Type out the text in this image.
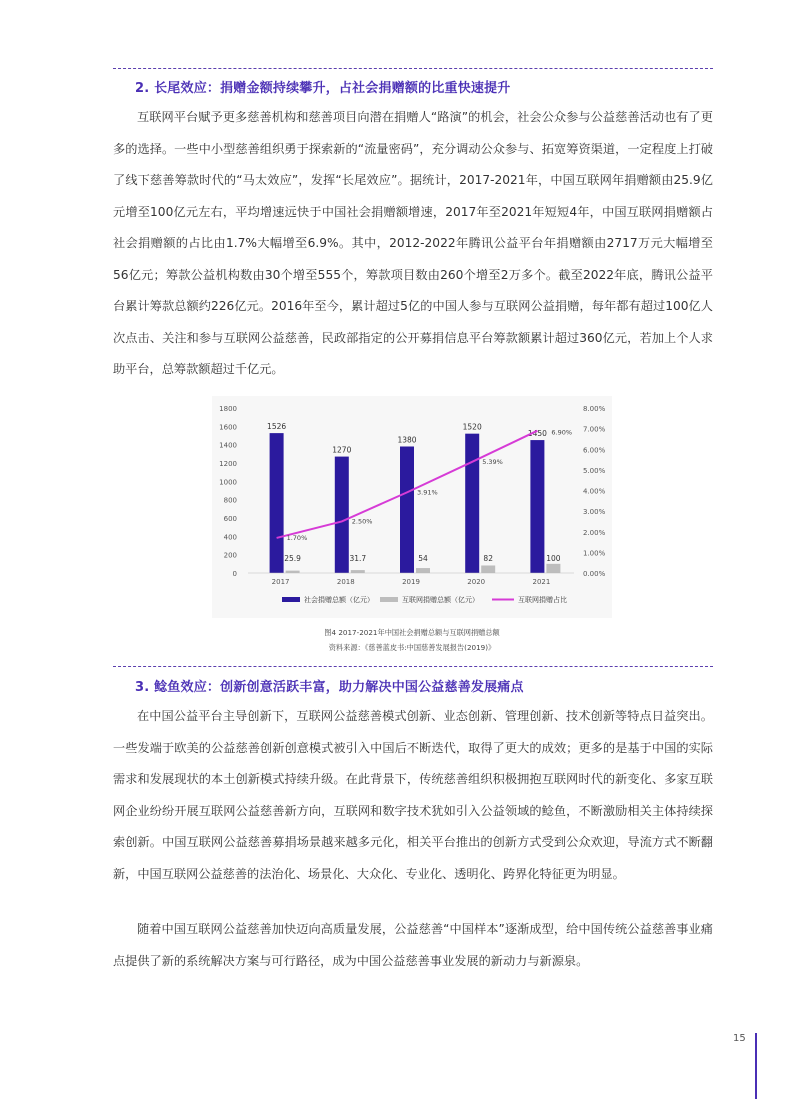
2. 长尾效应：捐赠金额持续攀升，占社会捐赠额的比重快速提升

互联网平台赋予更多慈善机构和慈善项目向潜在捐赠人“路演”的机会，社会公众参与公益慈善活动也有了更多的选择。一些中小型慈善组织勇于探索新的“流量密码”，充分调动公众参与、拓宽筹资渠道，一定程度上打破了线下慈善筹款时代的“马太效应”，发挥“长尾效应”。据统计，2017-2021年，中国互联网年捐赠额由25.9亿元增至100亿元左右，平均增速远快于中国社会捐赠额增速，2017年至2021年短短4年，中国互联网捐赠额占社会捐赠额的占比由1.7%大幅增至6.9%。其中，2012-2022年腾讯公益平台年捐赠额由2717万元大幅增至56亿元；筹款公益机构数由30个增至555个，筹款项目数由260个增至2万多个。截至2022年底，腾讯公益平台累计筹款总额约226亿元。2016年至今，累计超过5亿的中国人参与互联网公益捐赠，每年都有超过100亿人次点击、关注和参与互联网公益慈善，民政部指定的公开募捐信息平台筹款额累计超过360亿元，若加上个人求助平台，总筹款额超过千亿元。

1800
1600
1400
1200
1000
800
600
400
200
0
8.00%
7.00%
6.00%
5.00%
4.00%
3.00%
2.00%
1.00%
0.00%
1526
25.9
2017
1270
31.7
2018
1380
54
2019
1520
82
2020
1450
100
2021
1.70%
2.50%
3.91%
5.39%
6.90%
社会捐赠总额（亿元）	互联网捐赠总额（亿元）	互联网捐赠占比
图4 2017-2021年中国社会捐赠总额与互联网捐赠总额
资料来源：《慈善蓝皮书:中国慈善发展报告(2019)》
3. 鲶鱼效应：创新创意活跃丰富，助力解决中国公益慈善发展痛点

在中国公益平台主导创新下，互联网公益慈善模式创新、业态创新、管理创新、技术创新等特点日益突出。一些发端于欧美的公益慈善创新创意模式被引入中国后不断迭代，取得了更大的成效；更多的是基于中国的实际需求和发展现状的本土创新模式持续升级。在此背景下，传统慈善组织积极拥抱互联网时代的新变化、多家互联网企业纷纷开展互联网公益慈善新方向，互联网和数字技术犹如引入公益领域的鲶鱼，不断激励相关主体持续探索创新。中国互联网公益慈善募捐场景越来越多元化，相关平台推出的创新方式受到公众欢迎，导流方式不断翻新，中国互联网公益慈善的法治化、场景化、大众化、专业化、透明化、跨界化特征更为明显。

随着中国互联网公益慈善加快迈向高质量发展，公益慈善“中国样本”逐渐成型，给中国传统公益慈善事业痛点提供了新的系统解决方案与可行路径，成为中国公益慈善事业发展的新动力与新源泉。

15
